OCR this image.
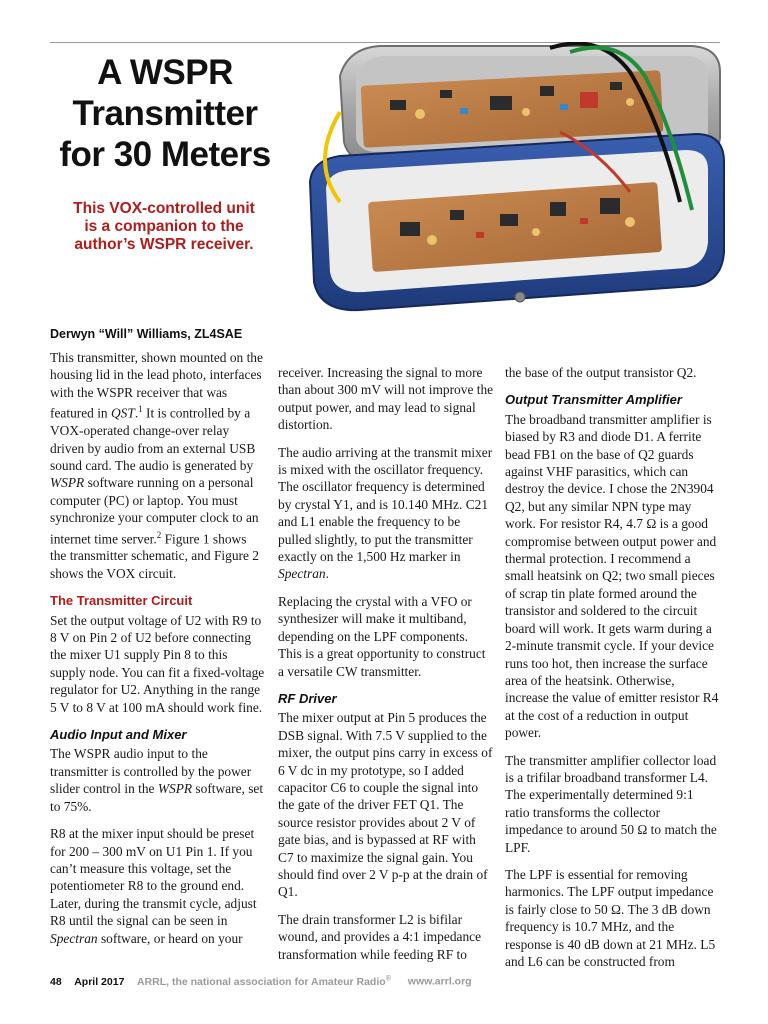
A WSPR
Transmitter
for 30 Meters
This VOX-controlled unit
is a companion to the
author’s WSPR receiver.
Derwyn “Will” Williams, ZL4SAE

This transmitter, shown mounted on the housing lid in the lead photo, interfaces with the WSPR receiver that was featured in QST.$^1$ It is controlled by a VOX-operated change-over relay driven by audio from an external USB sound card. The audio is generated by WSPR software running on a personal computer (PC) or laptop. You must synchronize your computer clock to an internet time server.$^2$ Figure 1 shows the transmitter schematic, and Figure 2 shows the VOX circuit.

The Transmitter Circuit

Set the output voltage of U2 with R9 to 8 V on Pin 2 of U2 before connecting the mixer U1 supply Pin 8 to this supply node. You can fit a fixed-voltage regulator for U2. Anything in the range 5 V to 8 V at 100 mA should work fine.

Audio Input and Mixer

The WSPR audio input to the transmitter is controlled by the power slider control in the WSPR software, set to 75%.

R8 at the mixer input should be preset for 200 – 300 mV on U1 Pin 1. If you can’t measure this voltage, set the potentiometer R8 to the ground end. Later, during the transmit cycle, adjust R8 until the signal can be seen in Spectran software, or heard on your

receiver. Increasing the signal to more than about 300 mV will not improve the output power, and may lead to signal distortion.

The audio arriving at the transmit mixer is mixed with the oscillator frequency. The oscillator frequency is determined by crystal Y1, and is 10.140 MHz. C21 and L1 enable the frequency to be pulled slightly, to put the transmitter exactly on the 1,500 Hz marker in Spectran.

Replacing the crystal with a VFO or synthesizer will make it multiband, depending on the LPF components. This is a great opportunity to construct a versatile CW transmitter.

RF Driver

The mixer output at Pin 5 produces the DSB signal. With 7.5 V supplied to the mixer, the output pins carry in excess of 6 V dc in my prototype, so I added capacitor C6 to couple the signal into the gate of the driver FET Q1. The source resistor provides about 2 V of gate bias, and is bypassed at RF with C7 to maximize the signal gain. You should find over 2 V p-p at the drain of Q1.

The drain transformer L2 is bifilar wound, and provides a 4:1 impedance transformation while feeding RF to

the base of the output transistor Q2.

Output Transmitter Amplifier

The broadband transmitter amplifier is biased by R3 and diode D1. A ferrite bead FB1 on the base of Q2 guards against VHF parasitics, which can destroy the device. I chose the 2N3904 Q2, but any similar NPN type may work. For resistor R4, 4.7 Ω is a good compromise between output power and thermal protection. I recommend a small heatsink on Q2; two small pieces of scrap tin plate formed around the transistor and soldered to the circuit board will work. It gets warm during a 2-minute transmit cycle. If your device runs too hot, then increase the surface area of the heatsink. Otherwise, increase the value of emitter resistor R4 at the cost of a reduction in output power.

The transmitter amplifier collector load is a trifilar broadband transformer L4. The experimentally determined 9:1 ratio transforms the collector impedance to around 50 Ω to match the LPF.

The LPF is essential for removing harmonics. The LPF output impedance is fairly close to 50 Ω. The 3 dB down frequency is 10.7 MHz, and the response is 40 dB down at 21 MHz. L5 and L6 can be constructed from

48 April 2017 ARRL, the national association for Amateur Radio® www.arrl.org
